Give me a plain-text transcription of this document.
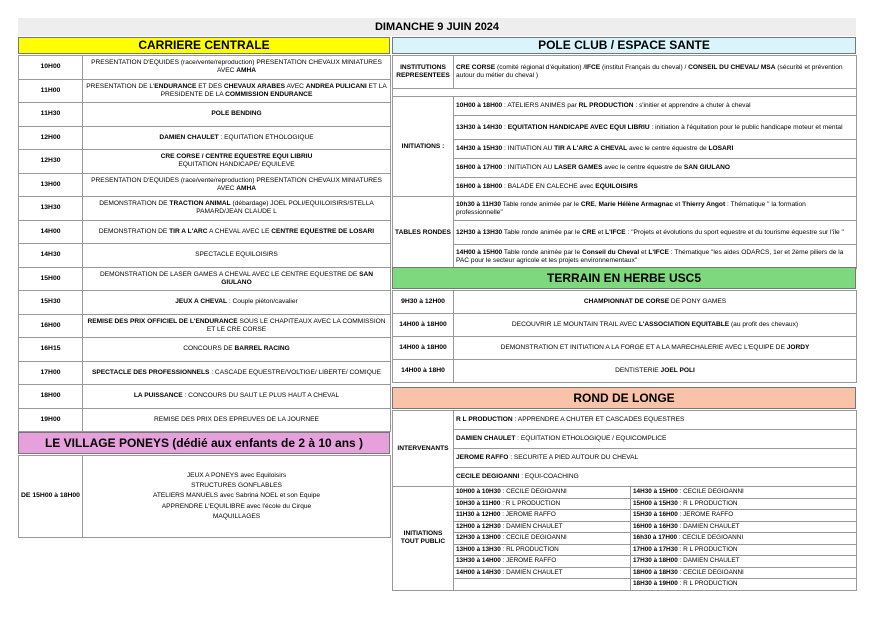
DIMANCHE 9 JUIN 2024
CARRIERE CENTRALE
10H00	PRESENTATION D'EQUIDES (race/vente/reproduction) PRESENTATION CHEVAUX MINIATURES AVEC AMHA
11H00	PRESENTATION DE L'ENDURANCE ET DES CHEVAUX ARABES AVEC ANDREA PULICANI ET LA PRESIDENTE DE LA COMMISSION ENDURANCE
11H30	POLE BENDING
12H00	DAMIEN CHAULET : EQUITATION ETHOLOGIQUE
12H30	CRE CORSE / CENTRE EQUESTRE EQUI LIBRIU
EQUITATION HANDICAPE/ EQUILEVE
13H00	PRESENTATION D'EQUIDES (race/vente/reproduction) PRESENTATION CHEVAUX MINIATURES AVEC AMHA
13H30	DEMONSTRATION DE TRACTION ANIMAL (débardage) JOEL POLI/EQUILOISIRS/STELLA PAMARD/JEAN CLAUDE L
14H00	DEMONSTRATION DE TIR A L'ARC A CHEVAL AVEC LE CENTRE EQUESTRE DE LOSARI
14H30	SPECTACLE EQUILOISIRS
15H00	DEMONSTRATION DE LASER GAMES A CHEVAL AVEC LE CENTRE EQUESTRE DE SAN GIULANO
15H30	JEUX A CHEVAL : Couple piéton/cavalier
16H00	REMISE DES PRIX OFFICIEL DE L'ENDURANCE SOUS LE CHAPITEAUX AVEC LA COMMISSION ET LE CRE CORSE
16H15	CONCOURS DE BARREL RACING
17H00	SPECTACLE DES PROFESSIONNELS : CASCADE EQUESTRE/VOLTIGE/ LIBERTE/ COMIQUE
18H00	LA PUISSANCE : CONCOURS DU SAUT LE PLUS HAUT A CHEVAL
19H00	REMISE DES PRIX DES EPREUVES DE LA JOURNEE
LE VILLAGE PONEYS (dédié aux enfants de 2 à 10 ans )
DE 15H00 à 18H00	JEUX A PONEYS avec Equiloisirs
STRUCTURES GONFLABLES
ATELIERS MANUELS avec Sabrina NOEL et son Equipe
APPRENDRE L'EQUILIBRE avec l'école du Cirque
MAQUILLAGES
POLE CLUB / ESPACE SANTE
INSTITUTIONS REPRESENTEES	CRE CORSE (comité régional d'équitation) /IFCE (institut Français du cheval) / CONSEIL DU CHEVAL/ MSA (sécurité et prévention autour du métier du cheval )

INITIATIONS :	10H00 à 18H00 : ATELIERS ANIMES par RL PRODUCTION : s'initier et apprendre a chuter à cheval
	13H30 à 14H30 : EQUITATION HANDICAPE AVEC EQUI LIBRIU : initiation à l'équitation pour le public handicape moteur et mental
	14H30 à 15H30 : INITIATION AU TIR A L'ARC A CHEVAL avec le centre équestre de LOSARI
	16H00 à 17H00 : INITIATION AU LASER GAMES avec le centre équestre de SAN GIULANO
	16H00 à 18H00 : BALADE EN CALECHE avec EQUILOISIRS
TABLES RONDES	10h30 à 11H30 Table ronde animée par le CRE, Marie Hélène Armagnac et Thierry Angot : Thématique " la formation professionnelle"
	12H30 à 13H30 Table ronde animée par le CRE et L'IFCE : "Projets et évolutions du sport equestre et du tourisme équestre sur l'île "
	14H00 à 15H00 Table ronde animée par le Conseil du Cheval et L'IFCE : Thématique "les aides ODARCS, 1er et 2ème piliers de la PAC pour le secteur agricole et les projets environnementaux"
TERRAIN EN HERBE USC5
9H30 à 12H00	CHAMPIONNAT DE CORSE DE PONY GAMES
14H00 à 18H00	DECOUVRIR LE MOUNTAIN TRAIL AVEC L'ASSOCIATION EQUITABLE (au profit des chevaux)
14H00 à 18H00	DEMONSTRATION ET INITIATION A LA FORGE ET A LA MARECHALERIE AVEC L'EQUIPE DE JORDY
14H00 à 18H0	DENTISTERIE JOEL POLI
ROND DE LONGE
INTERVENANTS	R L PRODUCTION : APPRENDRE A CHUTER ET CASCADES EQUESTRES	
	DAMIEN CHAULET : EQUITATION ETHOLOGIQUE / EQUICOMPLICE	
	JEROME RAFFO : SECURITE A PIED AUTOUR DU CHEVAL	
	CECILE DEGIOANNI : EQUI-COACHING	
INITIATIONS TOUT PUBLIC	10H00 à 10H30 : CECILE DEGIOANNI	14H30 à 15H00 : CECILE DEGIOANNI
	10H30 à 11H00 : R L PRODUCTION	15H00 à 15H30 : R L PRODUCTION
	11H30 à 12H00 : JEROME RAFFO	15H30 à 16H00 : JEROME RAFFO
	12H00 à 12H30 : DAMIEN CHAULET	16H00 à 16H30 : DAMIEN CHAULET
	12H30 à 13H00 : CECILE DEGIOANNI	16h30 à 17H00 : CECILE DEGIOANNI
	13H00 à 13H30 : RL PRODUCTION	17H00 à 17H30 : R L PRODUCTION
	13H30 à 14H00 : JEROME RAFFO	17H30 à 18H00 : DAMIEN CHAULET
	14H00 à 14H30 : DAMIEN CHAULET	18H00 à 18H30 : CECILE DEGIOANNI
		18H30 à 19H00 : R L PRODUCTION
